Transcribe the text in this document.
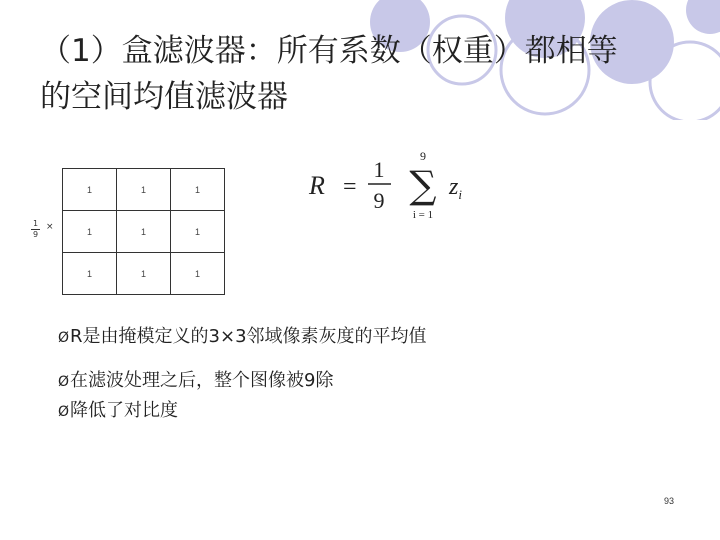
（1）盒滤波器：所有系数（权重）都相等
的空间均值滤波器
$\frac{1}{9}$ ×
1	1	1
1	1	1
1	1	1
R =
1
9
9
∑
i = 1
$z_i$
ØR是由掩模定义的3×3邻域像素灰度的平均值
Ø在滤波处理之后，整个图像被9除
Ø降低了对比度
93
